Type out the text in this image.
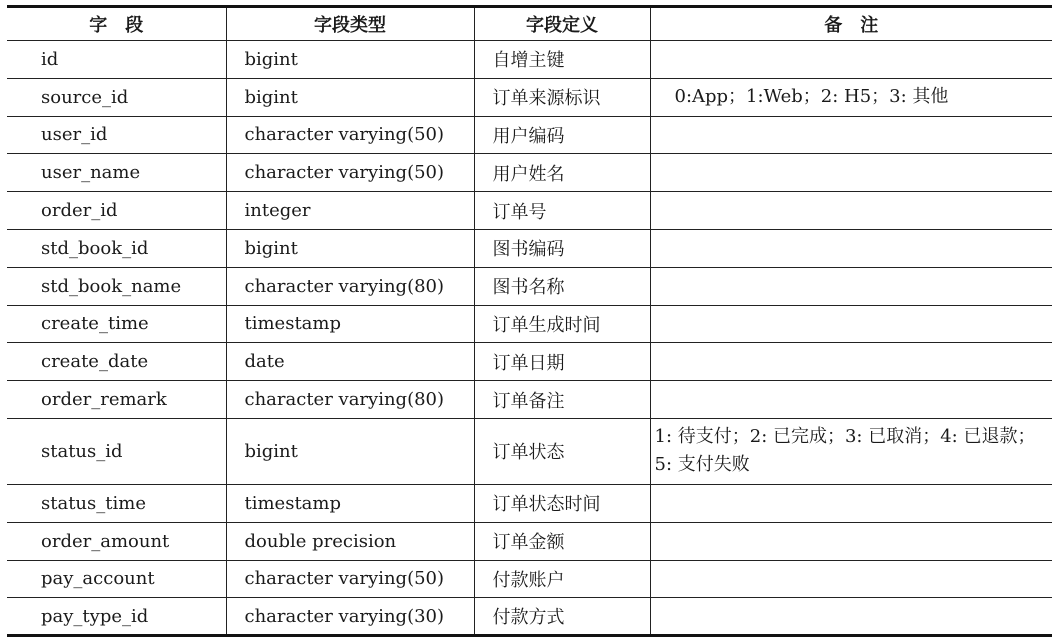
字　段	字段类型	字段定义	备　注
id	bigint	自增主键	
source_id	bigint	订单来源标识	0:App；1:Web；2: H5；3: 其他
user_id	character varying(50)	用户编码	
user_name	character varying(50)	用户姓名	
order_id	integer	订单号	
std_book_id	bigint	图书编码	
std_book_name	character varying(80)	图书名称	
create_time	timestamp	订单生成时间	
create_date	date	订单日期	
order_remark	character varying(80)	订单备注	
status_id	bigint	订单状态	1: 待支付；2: 已完成；3: 已取消；4: 已退款；5: 支付失败
status_time	timestamp	订单状态时间	
order_amount	double precision	订单金额	
pay_account	character varying(50)	付款账户	
pay_type_id	character varying(30)	付款方式	
